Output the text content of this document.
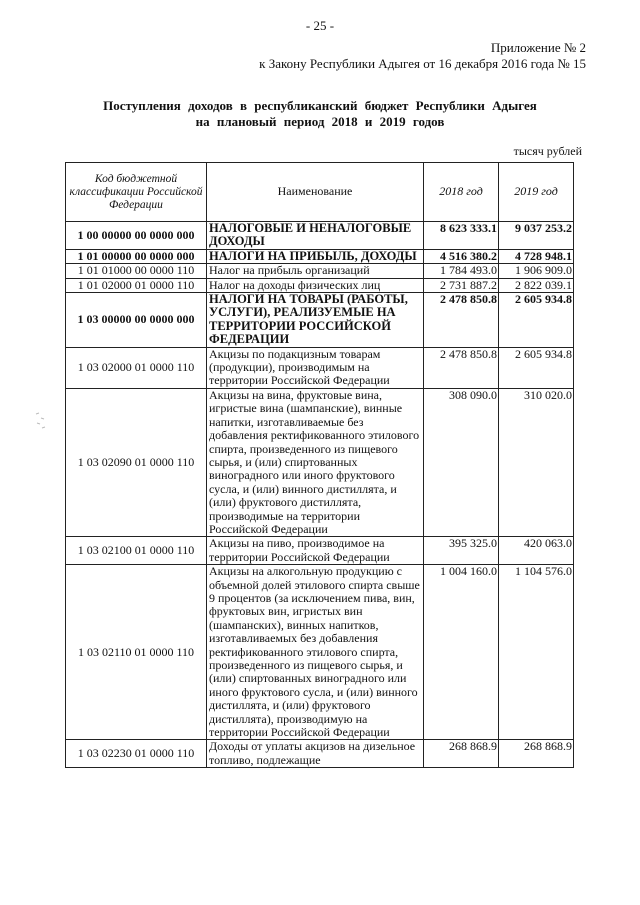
- 25 -
Приложение № 2
к Закону Республики Адыгея от 16 декабря 2016 года № 15
Поступления доходов в республиканский бюджет Республики Адыгея
на плановый период 2018 и 2019 годов
тысяч рублей
Код бюджетной классификации Российской Федерации	Наименование	2018 год	2019 год
1 00 00000 00 0000 000	НАЛОГОВЫЕ И НЕНАЛОГОВЫЕ ДОХОДЫ	8 623 333.1	9 037 253.2
1 01 00000 00 0000 000	НАЛОГИ НА ПРИБЫЛЬ, ДОХОДЫ	4 516 380.2	4 728 948.1
1 01 01000 00 0000 110	Налог на прибыль организаций	1 784 493.0	1 906 909.0
1 01 02000 01 0000 110	Налог на доходы физических лиц	2 731 887.2	2 822 039.1
1 03 00000 00 0000 000	НАЛОГИ НА ТОВАРЫ (РАБОТЫ, УСЛУГИ), РЕАЛИЗУЕМЫЕ НА ТЕРРИТОРИИ РОССИЙСКОЙ ФЕДЕРАЦИИ	2 478 850.8	2 605 934.8
1 03 02000 01 0000 110	Акцизы по подакцизным товарам (продукции), производимым на территории Российской Федерации	2 478 850.8	2 605 934.8
1 03 02090 01 0000 110	Акцизы на вина, фруктовые вина, игристые вина (шампанские), винные напитки, изготавливаемые без добавления ректификованного этилового спирта, произведенного из пищевого сырья, и (или) спиртованных виноградного или иного фруктового сусла, и (или) винного дистиллята, и (или) фруктового дистиллята, производимые на территории Российской Федерации	308 090.0	310 020.0
1 03 02100 01 0000 110	Акцизы на пиво, производимое на территории Российской Федерации	395 325.0	420 063.0
1 03 02110 01 0000 110	Акцизы на алкогольную продукцию с объемной долей этилового спирта свыше 9 процентов (за исключением пива, вин, фруктовых вин, игристых вин (шампанских), винных напитков, изготавливаемых без добавления ректификованного этилового спирта, произведенного из пищевого сырья, и (или) спиртованных виноградного или иного фруктового сусла, и (или) винного дистиллята, и (или) фруктового дистиллята), производимую на территории Российской Федерации	1 004 160.0	1 104 576.0
1 03 02230 01 0000 110	Доходы от уплаты акцизов на дизельное топливо, подлежащие	268 868.9	268 868.9
